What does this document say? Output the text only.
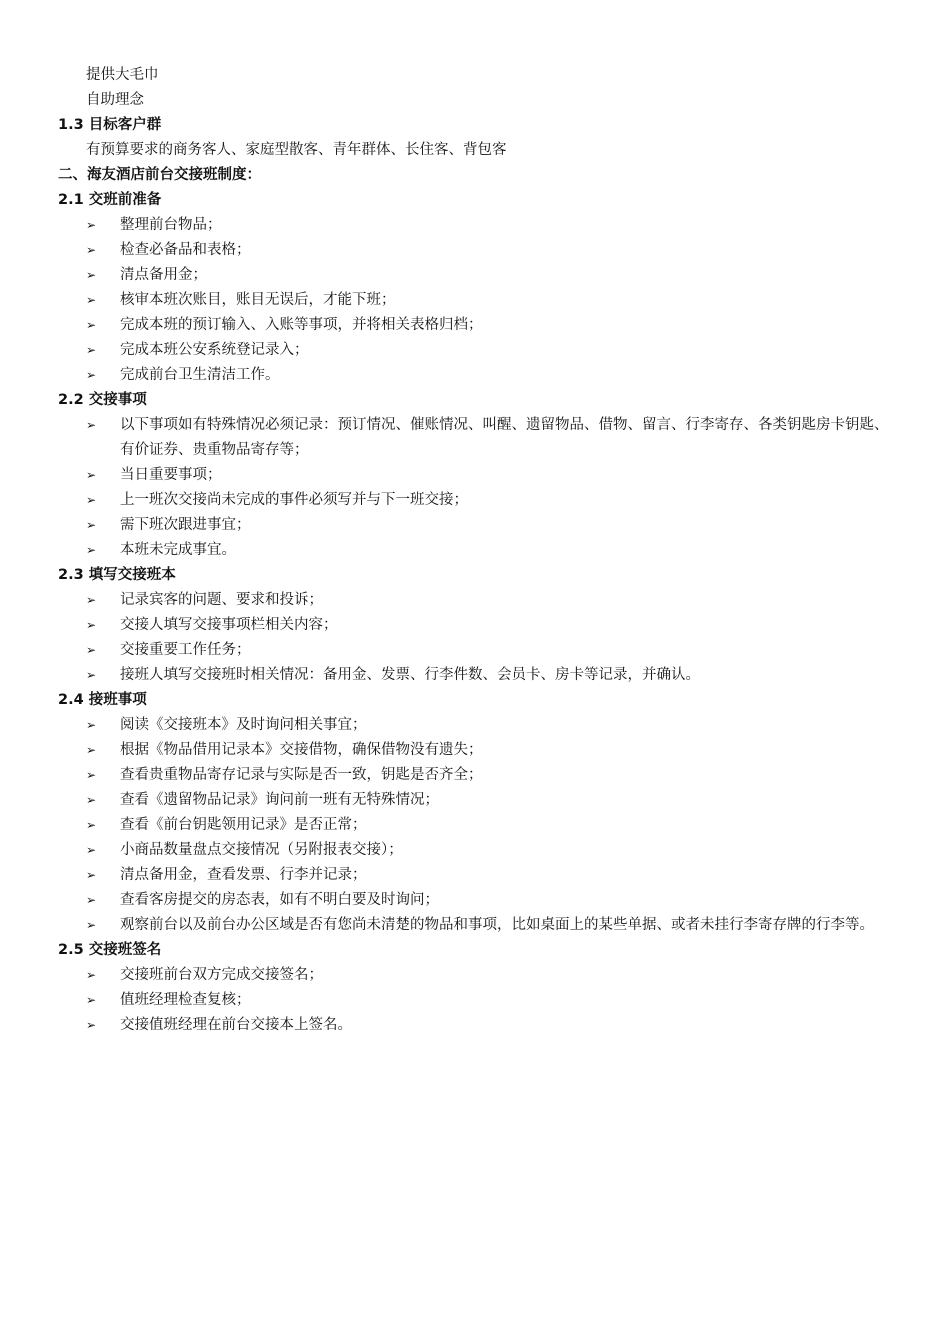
提供大毛巾
自助理念
1.3 目标客户群
有预算要求的商务客人、家庭型散客、青年群体、长住客、背包客
二、海友酒店前台交接班制度：
2.1 交班前准备
➢ 整理前台物品；
➢ 检查必备品和表格；
➢ 清点备用金；
➢ 核审本班次账目，账目无误后，才能下班；
➢ 完成本班的预订输入、入账等事项，并将相关表格归档；
➢ 完成本班公安系统登记录入；
➢ 完成前台卫生清洁工作。
2.2 交接事项
➢ 以下事项如有特殊情况必须记录：预订情况、催账情况、叫醒、遗留物品、借物、留言、行李寄存、各类钥匙房卡钥匙、有价证券、贵重物品寄存等；
➢ 当日重要事项；
➢ 上一班次交接尚未完成的事件必须写并与下一班交接；
➢ 需下班次跟进事宜；
➢ 本班未完成事宜。
2.3 填写交接班本
➢ 记录宾客的问题、要求和投诉；
➢ 交接人填写交接事项栏相关内容；
➢ 交接重要工作任务；
➢ 接班人填写交接班时相关情况：备用金、发票、行李件数、会员卡、房卡等记录，并确认。
2.4 接班事项
➢ 阅读《交接班本》及时询问相关事宜；
➢ 根据《物品借用记录本》交接借物，确保借物没有遗失；
➢ 查看贵重物品寄存记录与实际是否一致，钥匙是否齐全；
➢ 查看《遗留物品记录》询问前一班有无特殊情况；
➢ 查看《前台钥匙领用记录》是否正常；
➢ 小商品数量盘点交接情况（另附报表交接）；
➢ 清点备用金，查看发票、行李并记录；
➢ 查看客房提交的房态表，如有不明白要及时询问；
➢ 观察前台以及前台办公区域是否有您尚未清楚的物品和事项，比如桌面上的某些单据、或者未挂行李寄存牌的行李等。
2.5 交接班签名
➢ 交接班前台双方完成交接签名；
➢ 值班经理检查复核；
➢ 交接值班经理在前台交接本上签名。
